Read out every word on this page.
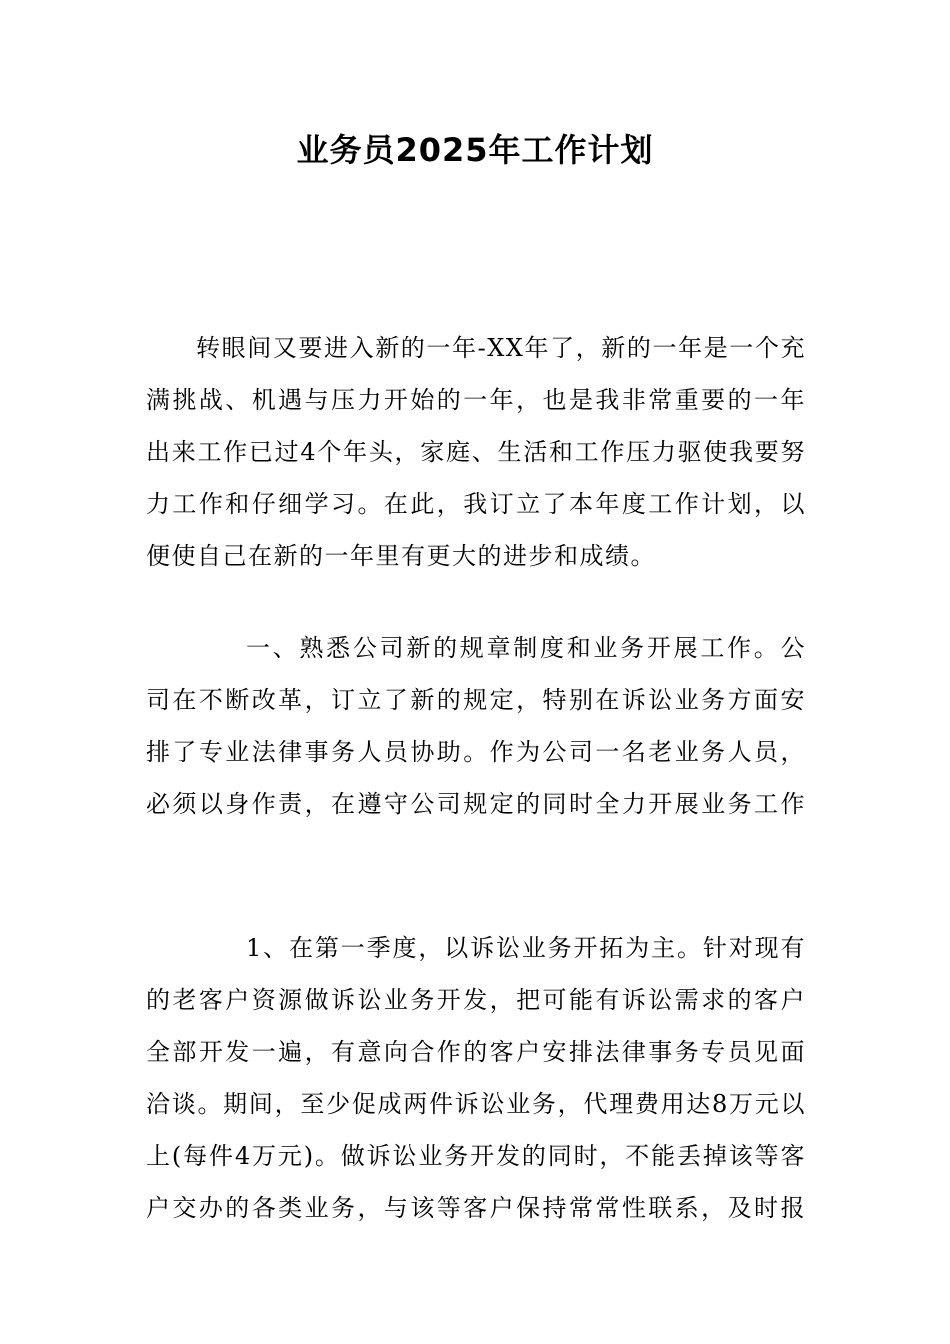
业务员2025年工作计划
转眼间又要进入新的一年-XX年了，新的一年是一个充
满挑战、机遇与压力开始的一年，也是我非常重要的一年
出来工作已过4个年头，家庭、生活和工作压力驱使我要努
力工作和仔细学习。在此，我订立了本年度工作计划，以
便使自己在新的一年里有更大的进步和成绩。
一、熟悉公司新的规章制度和业务开展工作。公
司在不断改革，订立了新的规定，特别在诉讼业务方面安
排了专业法律事务人员协助。作为公司一名老业务人员，
必须以身作责，在遵守公司规定的同时全力开展业务工作
1、在第一季度，以诉讼业务开拓为主。针对现有
的老客户资源做诉讼业务开发，把可能有诉讼需求的客户
全部开发一遍，有意向合作的客户安排法律事务专员见面
洽谈。期间，至少促成两件诉讼业务，代理费用达8万元以
上(每件4万元)。做诉讼业务开发的同时，不能丢掉该等客
户交办的各类业务，与该等客户保持常常性联系，及时报
